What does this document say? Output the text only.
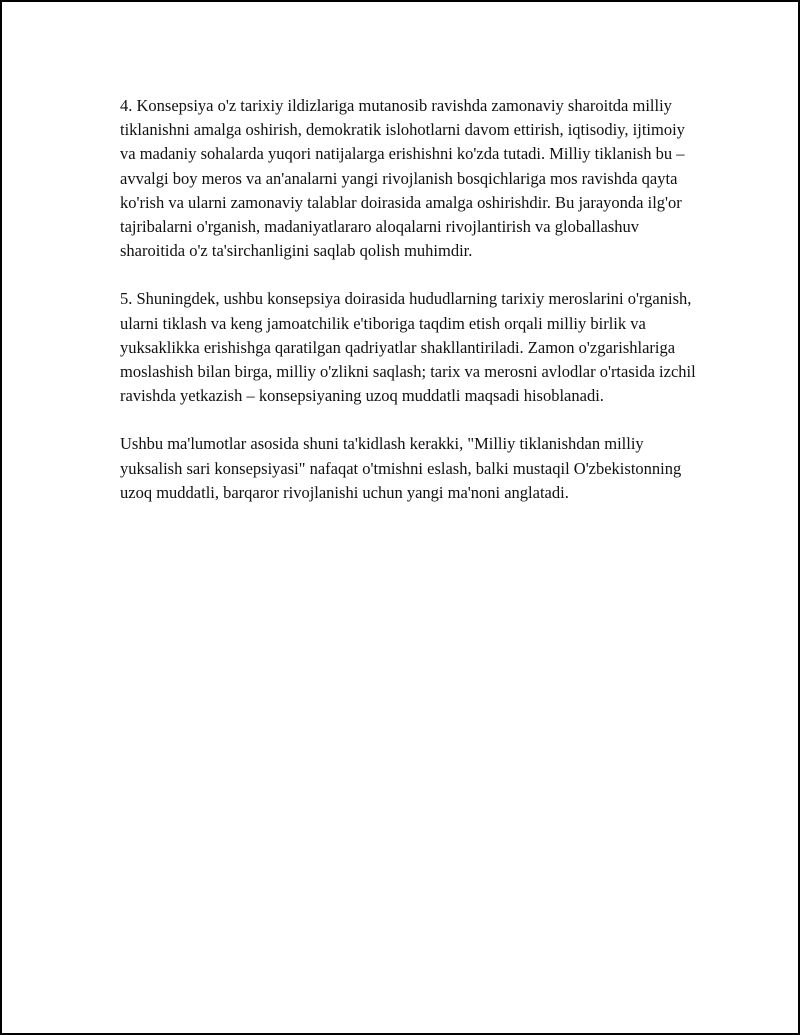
4. Konsepsiya o'z tarixiy ildizlariga mutanosib ravishda zamonaviy sharoitda milliy tiklanishni amalga oshirish, demokratik islohotlarni davom ettirish, iqtisodiy, ijtimoiy va madaniy sohalarda yuqori natijalarga erishishni ko'zda tutadi. Milliy tiklanish bu – avvalgi boy meros va an'analarni yangi rivojlanish bosqichlariga mos ravishda qayta ko'rish va ularni zamonaviy talablar doirasida amalga oshirishdir. Bu jarayonda ilg'or tajribalarni o'rganish, madaniyatlararo aloqalarni rivojlantirish va globallashuv sharoitida o'z ta'sirchanligini saqlab qolish muhimdir.

5. Shuningdek, ushbu konsepsiya doirasida hududlarning tarixiy meroslarini o'rganish, ularni tiklash va keng jamoatchilik e'tiboriga taqdim etish orqali milliy birlik va yuksaklikka erishishga qaratilgan qadriyatlar shakllantiriladi. Zamon o'zgarishlariga moslashish bilan birga, milliy o'zlikni saqlash; tarix va merosni avlodlar o'rtasida izchil ravishda yetkazish – konsepsiyaning uzoq muddatli maqsadi hisoblanadi.

Ushbu ma'lumotlar asosida shuni ta'kidlash kerakki, "Milliy tiklanishdan milliy yuksalish sari konsepsiyasi" nafaqat o'tmishni eslash, balki mustaqil O'zbekistonning uzoq muddatli, barqaror rivojlanishi uchun yangi ma'noni anglatadi.
